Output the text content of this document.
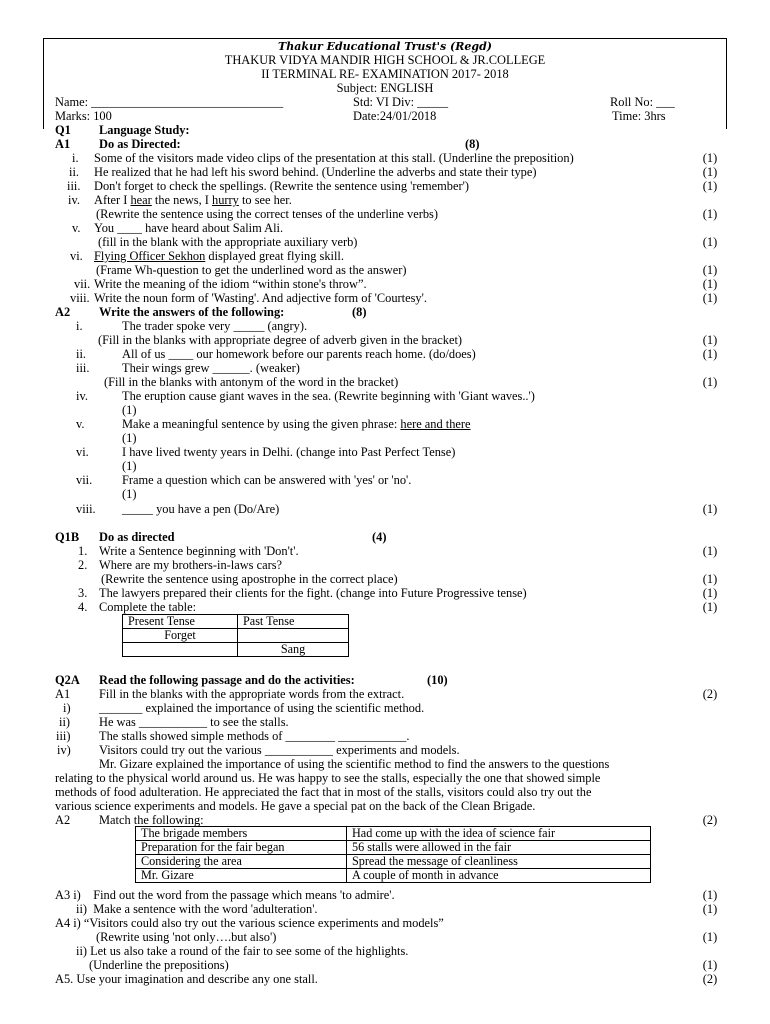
Thakur Educational Trust's (Regd)
THAKUR VIDYA MANDIR HIGH SCHOOL & JR.COLLEGE
II TERMINAL RE- EXAMINATION 2017- 2018
Subject: ENGLISH
Name: _______________________________	Std: VI Div: _____	Roll No: ___
Marks: 100	Date:24/01/2018	Time: 3hrs
Q1 Language Study:
A1 Do as Directed:	(8)
i. Some of the visitors made video clips of the presentation at this stall. (Underline the preposition)	(1)
ii. He realized that he had left his sword behind. (Underline the adverbs and state their type)	(1)
iii. Don't forget to check the spellings. (Rewrite the sentence using 'remember')	(1)
iv. After I hear the news, I hurry to see her.
(Rewrite the sentence using the correct tenses of the underline verbs)	(1)
v. You ____ have heard about Salim Ali.
(fill in the blank with the appropriate auxiliary verb)	(1)
vi. Flying Officer Sekhon displayed great flying skill.
(Frame Wh-question to get the underlined word as the answer)	(1)
vii. Write the meaning of the idiom “within stone's throw”.	(1)
viii. Write the noun form of 'Wasting'. And adjective form of 'Courtesy'.	(1)
A2 Write the answers of the following:	(8)
i.	The trader spoke very _____ (angry).
(Fill in the blanks with appropriate degree of adverb given in the bracket)	(1)
ii.	All of us ____ our homework before our parents reach home. (do/does)	(1)
iii.	Their wings grew ______. (weaker)
(Fill in the blanks with antonym of the word in the bracket)	(1)
iv.	The eruption cause giant waves in the sea. (Rewrite beginning with 'Giant waves..')
(1)
v.	Make a meaningful sentence by using the given phrase: here and there
(1)
vi.	I have lived twenty years in Delhi. (change into Past Perfect Tense)
(1)
vii. Frame a question which can be answered with 'yes' or 'no'.
(1)
viii. _____ you have a pen (Do/Are)	(1)
Q1B Do as directed	(4)
1. Write a Sentence beginning with 'Don't'.	(1)
2. Where are my brothers-in-laws cars?
(Rewrite the sentence using apostrophe in the correct place)	(1)
3. The lawyers prepared their clients for the fight. (change into Future Progressive tense)	(1)
4. Complete the table:	(1)
Present Tense	Past Tense
Forget	
	Sang
Q2A Read the following passage and do the activities:	(10)
A1 Fill in the blanks with the appropriate words from the extract.	(2)
i) _______ explained the importance of using the scientific method.
ii) He was ___________ to see the stalls.
iii) The stalls showed simple methods of ________ ___________.
iv) Visitors could try out the various ___________ experiments and models.
Mr. Gizare explained the importance of using the scientific method to find the answers to the questions
relating to the physical world around us. He was happy to see the stalls, especially the one that showed simple
methods of food adulteration. He appreciated the fact that in most of the stalls, visitors could also try out the
various science experiments and models. He gave a special pat on the back of the Clean Brigade.
A2 Match the following:	(2)
The brigade members	Had come up with the idea of science fair
Preparation for the fair began	56 stalls were allowed in the fair
Considering the area	Spread the message of cleanliness
Mr. Gizare	A couple of month in advance
A3 i)    Find out the word from the passage which means 'to admire'.	(1)
ii)  Make a sentence with the word 'adulteration'.	(1)
A4 i) “Visitors could also try out the various science experiments and models”
(Rewrite using 'not only….but also')	(1)
ii) Let us also take a round of the fair to see some of the highlights.
(Underline the prepositions)	(1)
A5. Use your imagination and describe any one stall.	(2)
